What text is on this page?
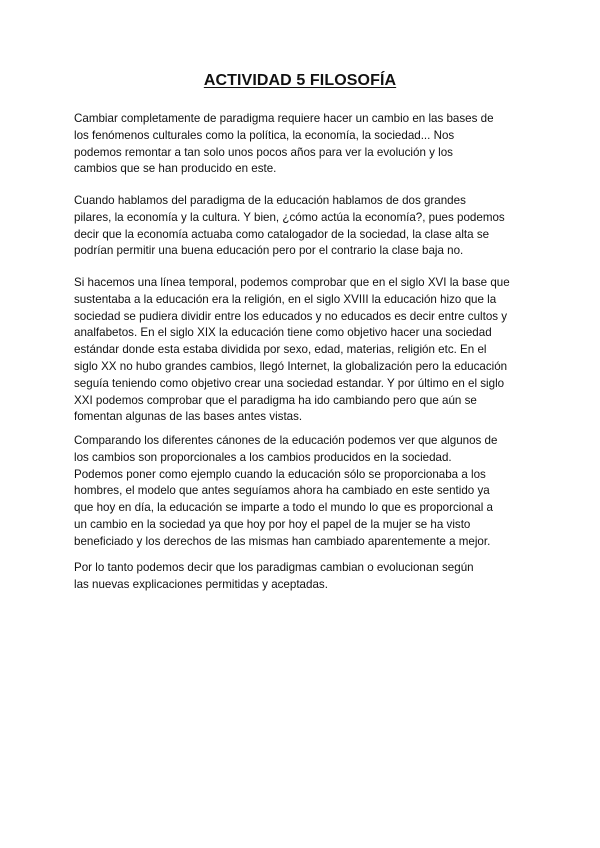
ACTIVIDAD 5 FILOSOFÍA

Cambiar completamente de paradigma requiere hacer un cambio en las bases de
los fenómenos culturales como la política, la economía, la sociedad... Nos
podemos remontar a tan solo unos pocos años para ver la evolución y los
cambios que se han producido en este.

Cuando hablamos del paradigma de la educación hablamos de dos grandes
pilares, la economía y la cultura. Y bien, ¿cómo actúa la economía?, pues podemos
decir que la economía actuaba como catalogador de la sociedad, la clase alta se
podrían permitir una buena educación pero por el contrario la clase baja no.

Si hacemos una línea temporal, podemos comprobar que en el siglo XVI la base que
sustentaba a la educación era la religión, en el siglo XVIII la educación hizo que la
sociedad se pudiera dividir entre los educados y no educados es decir entre cultos y
analfabetos. En el siglo XIX la educación tiene como objetivo hacer una sociedad
estándar donde esta estaba dividida por sexo, edad, materias, religión etc. En el
siglo XX no hubo grandes cambios, llegó Internet, la globalización pero la educación
seguía teniendo como objetivo crear una sociedad estandar. Y por último en el siglo
XXI podemos comprobar que el paradigma ha ido cambiando pero que aún se
fomentan algunas de las bases antes vistas.

Comparando los diferentes cánones de la educación podemos ver que algunos de
los cambios son proporcionales a los cambios producidos en la sociedad.
Podemos poner como ejemplo cuando la educación sólo se proporcionaba a los
hombres, el modelo que antes seguíamos ahora ha cambiado en este sentido ya
que hoy en día, la educación se imparte a todo el mundo lo que es proporcional a
un cambio en la sociedad ya que hoy por hoy el papel de la mujer se ha visto
beneficiado y los derechos de las mismas han cambiado aparentemente a mejor.

Por lo tanto podemos decir que los paradigmas cambian o evolucionan según
las nuevas explicaciones permitidas y aceptadas.
